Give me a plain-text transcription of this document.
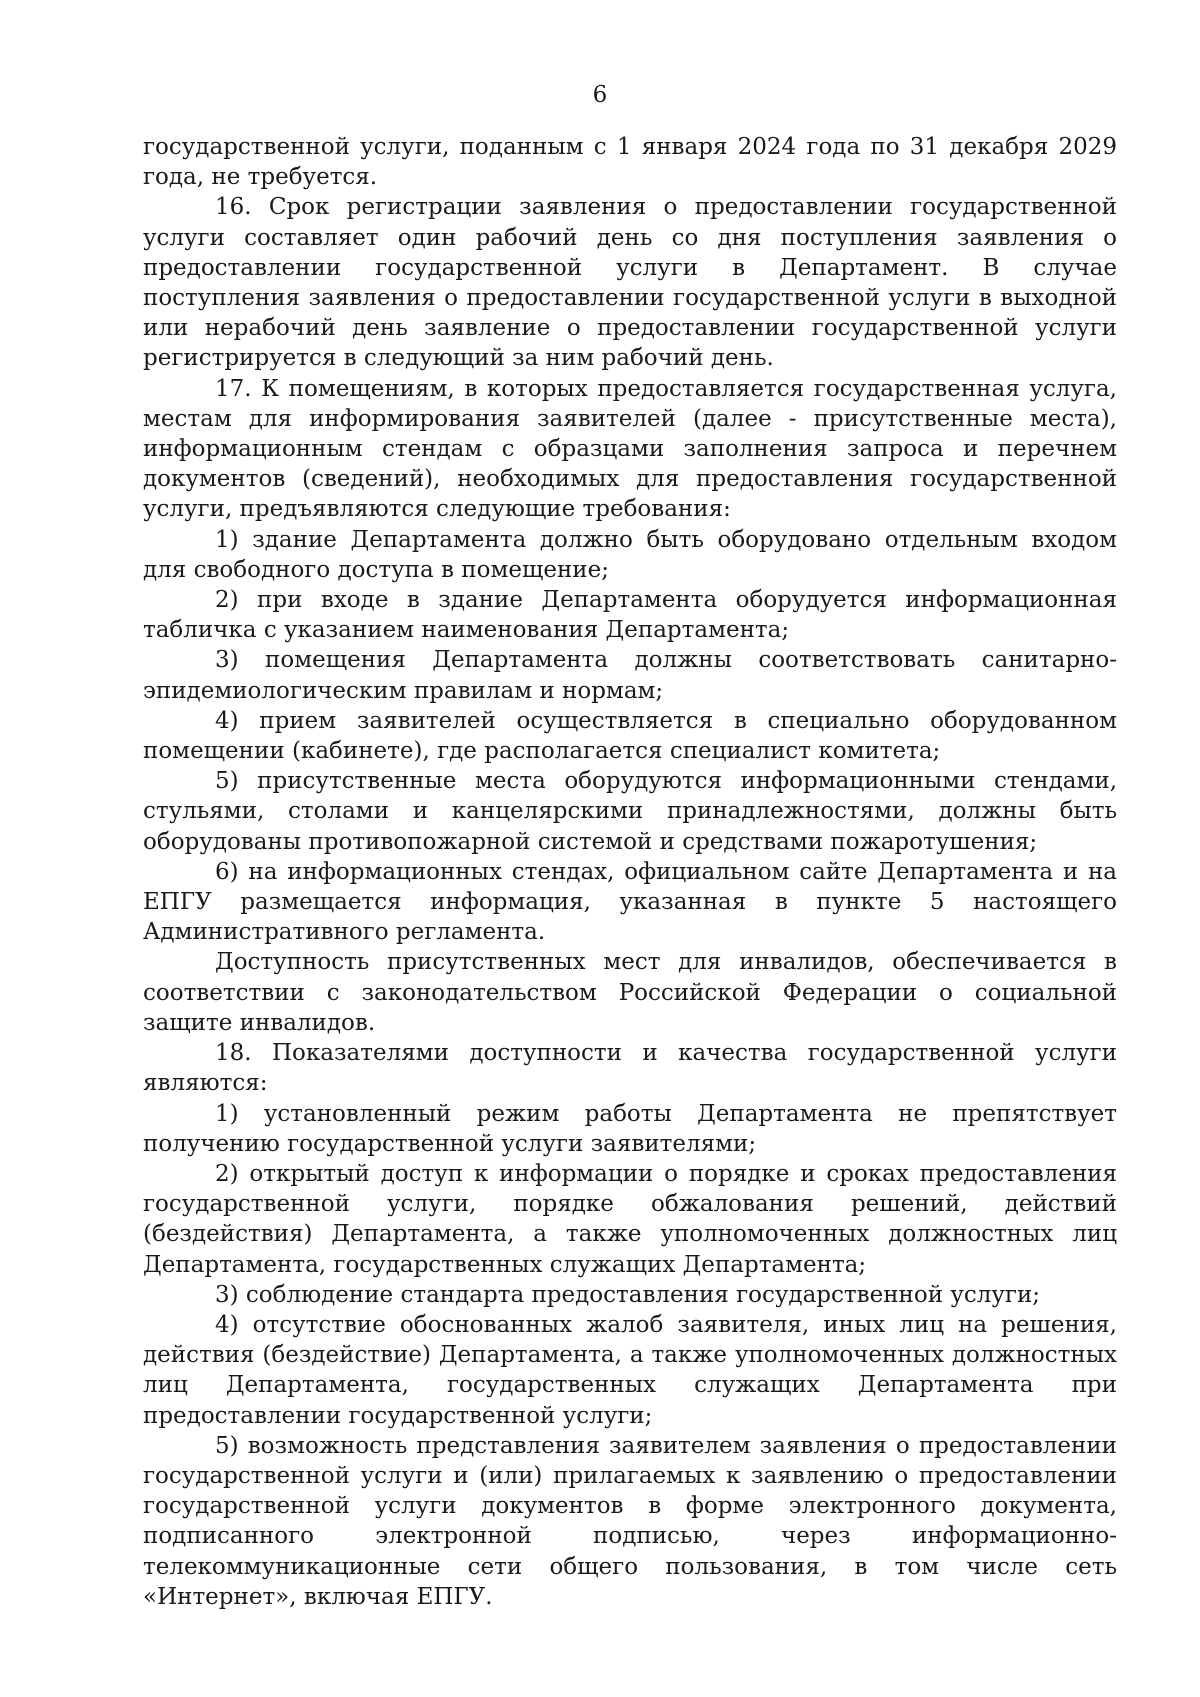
6

государственной услуги, поданным с 1 января 2024 года по 31 декабря 2029 года, не требуется.

16. Срок регистрации заявления о предоставлении государственной услуги составляет один рабочий день со дня поступления заявления о предоставлении государственной услуги в Департамент. В случае поступления заявления о предоставлении государственной услуги в выходной или нерабочий день заявление о предоставлении государственной услуги регистрируется в следующий за ним рабочий день.

17. К помещениям, в которых предоставляется государственная услуга, местам для информирования заявителей (далее - присутственные места), информационным стендам с образцами заполнения запроса и перечнем документов (сведений), необходимых для предоставления государственной услуги, предъявляются следующие требования:

1) здание Департамента должно быть оборудовано отдельным входом для свободного доступа в помещение;

2) при входе в здание Департамента оборудуется информационная табличка с указанием наименования Департамента;

3) помещения Департамента должны соответствовать санитарно-эпидемиологическим правилам и нормам;

4) прием заявителей осуществляется в специально оборудованном помещении (кабинете), где располагается специалист комитета;

5) присутственные места оборудуются информационными стендами, стульями, столами и канцелярскими принадлежностями, должны быть оборудованы противопожарной системой и средствами пожаротушения;

6) на информационных стендах, официальном сайте Департамента и на ЕПГУ размещается информация, указанная в пункте 5 настоящего Административного регламента.

Доступность присутственных мест для инвалидов, обеспечивается в соответствии с законодательством Российской Федерации о социальной защите инвалидов.

18. Показателями доступности и качества государственной услуги являются:

1) установленный режим работы Департамента не препятствует получению государственной услуги заявителями;

2) открытый доступ к информации о порядке и сроках предоставления государственной услуги, порядке обжалования решений, действий (бездействия) Департамента, а также уполномоченных должностных лиц Департамента, государственных служащих Департамента;

3) соблюдение стандарта предоставления государственной услуги;

4) отсутствие обоснованных жалоб заявителя, иных лиц на решения, действия (бездействие) Департамента, а также уполномоченных должностных лиц Департамента, государственных служащих Департамента при предоставлении государственной услуги;

5) возможность представления заявителем заявления о предоставлении государственной услуги и (или) прилагаемых к заявлению о предоставлении государственной услуги документов в форме электронного документа, подписанного электронной подписью, через информационно-телекоммуникационные сети общего пользования, в том числе сеть «Интернет», включая ЕПГУ.
